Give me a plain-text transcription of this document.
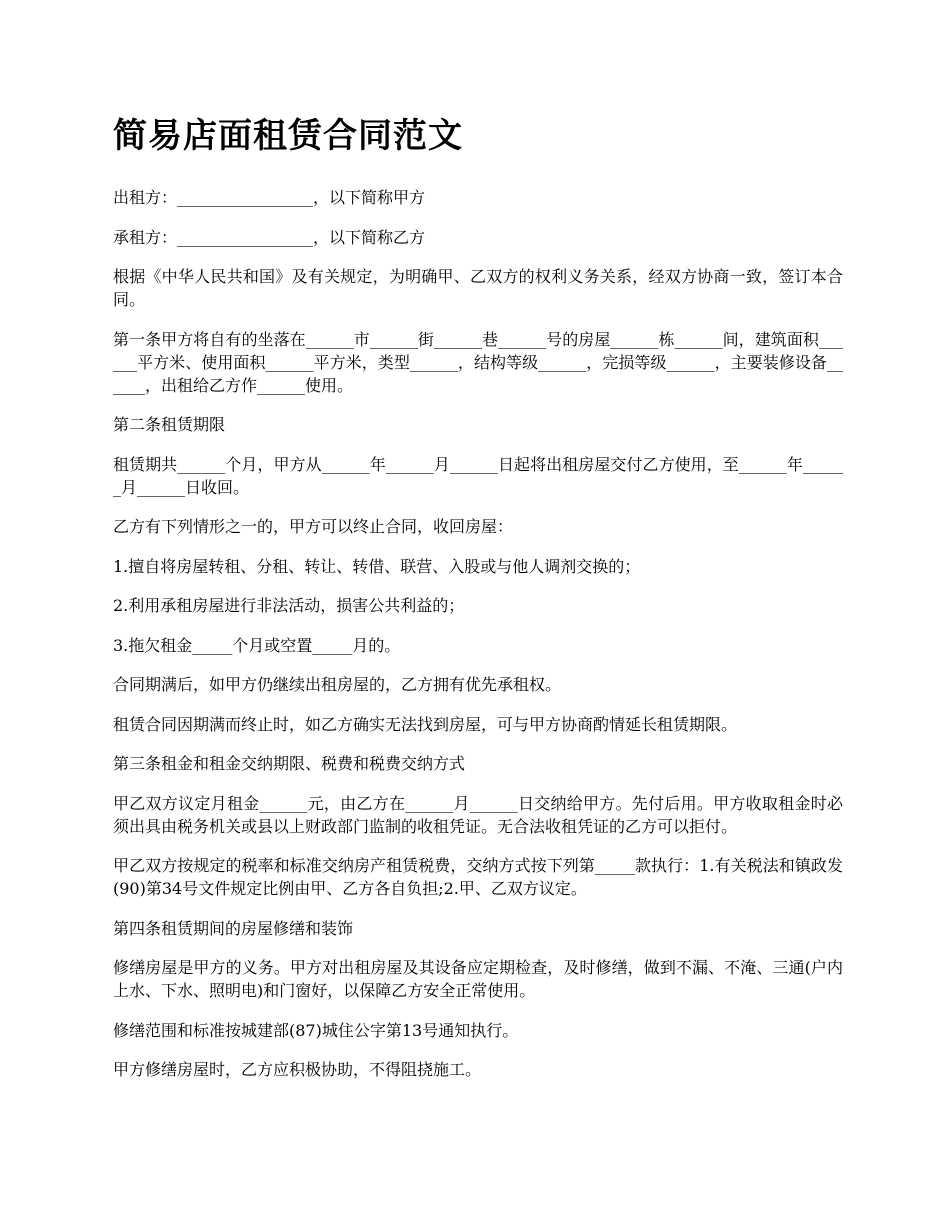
简易店面租赁合同范文

出租方：_________________，以下简称甲方

承租方：_________________，以下简称乙方

根据《中华人民共和国》及有关规定，为明确甲、乙双方的权利义务关系，经双方协商一致，签订本合同。

第一条甲方将自有的坐落在______市______街______巷______号的房屋______栋______间，建筑面积______平方米、使用面积______平方米，类型______，结构等级______，完损等级______，主要装修设备______，出租给乙方作______使用。

第二条租赁期限

租赁期共______个月，甲方从______年______月______日起将出租房屋交付乙方使用，至______年______月______日收回。

乙方有下列情形之一的，甲方可以终止合同，收回房屋：

1.擅自将房屋转租、分租、转让、转借、联营、入股或与他人调剂交换的；

2.利用承租房屋进行非法活动，损害公共利益的；

3.拖欠租金_____个月或空置_____月的。

合同期满后，如甲方仍继续出租房屋的，乙方拥有优先承租权。

租赁合同因期满而终止时，如乙方确实无法找到房屋，可与甲方协商酌情延长租赁期限。

第三条租金和租金交纳期限、税费和税费交纳方式

甲乙双方议定月租金______元，由乙方在______月______日交纳给甲方。先付后用。甲方收取租金时必须出具由税务机关或县以上财政部门监制的收租凭证。无合法收租凭证的乙方可以拒付。

甲乙双方按规定的税率和标准交纳房产租赁税费，交纳方式按下列第_____款执行：1.有关税法和镇政发(90)第34号文件规定比例由甲、乙方各自负担;2.甲、乙双方议定。

第四条租赁期间的房屋修缮和装饰

修缮房屋是甲方的义务。甲方对出租房屋及其设备应定期检查，及时修缮，做到不漏、不淹、三通(户内上水、下水、照明电)和门窗好，以保障乙方安全正常使用。

修缮范围和标准按城建部(87)城住公字第13号通知执行。

甲方修缮房屋时，乙方应积极协助，不得阻挠施工。
